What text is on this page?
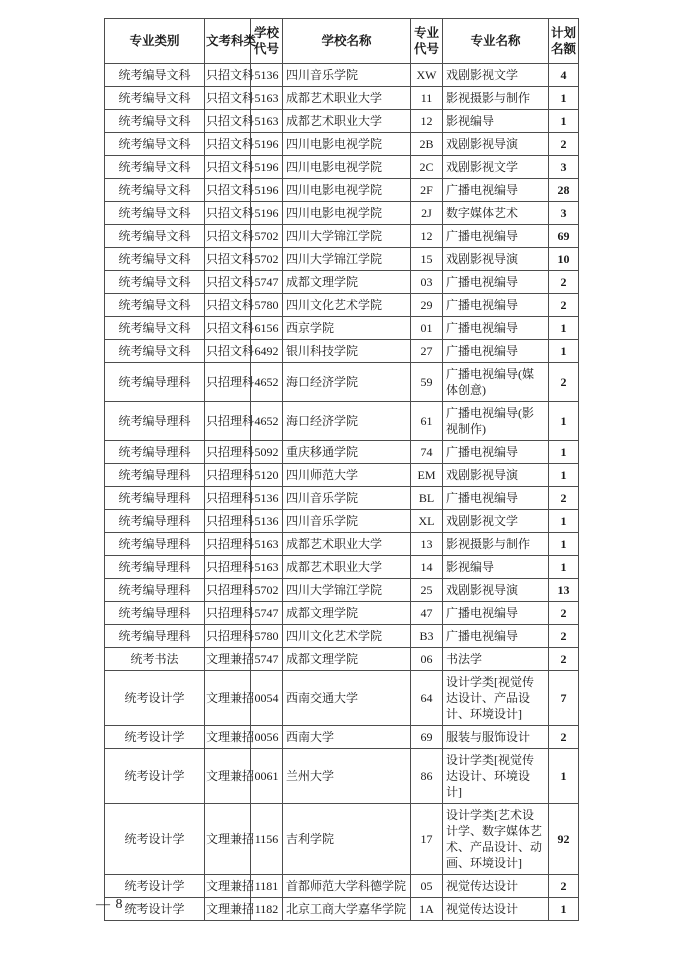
专业类别	文考科类	学校代号	学校名称	专业代号	专业名称	计划名额
统考编导文科	只招文科	5136	四川音乐学院	XW	戏剧影视文学	4
统考编导文科	只招文科	5163	成都艺术职业大学	11	影视摄影与制作	1
统考编导文科	只招文科	5163	成都艺术职业大学	12	影视编导	1
统考编导文科	只招文科	5196	四川电影电视学院	2B	戏剧影视导演	2
统考编导文科	只招文科	5196	四川电影电视学院	2C	戏剧影视文学	3
统考编导文科	只招文科	5196	四川电影电视学院	2F	广播电视编导	28
统考编导文科	只招文科	5196	四川电影电视学院	2J	数字媒体艺术	3
统考编导文科	只招文科	5702	四川大学锦江学院	12	广播电视编导	69
统考编导文科	只招文科	5702	四川大学锦江学院	15	戏剧影视导演	10
统考编导文科	只招文科	5747	成都文理学院	03	广播电视编导	2
统考编导文科	只招文科	5780	四川文化艺术学院	29	广播电视编导	2
统考编导文科	只招文科	6156	西京学院	01	广播电视编导	1
统考编导文科	只招文科	6492	银川科技学院	27	广播电视编导	1
统考编导理科	只招理科	4652	海口经济学院	59	广播电视编导(媒体创意)	2
统考编导理科	只招理科	4652	海口经济学院	61	广播电视编导(影视制作)	1
统考编导理科	只招理科	5092	重庆移通学院	74	广播电视编导	1
统考编导理科	只招理科	5120	四川师范大学	EM	戏剧影视导演	1
统考编导理科	只招理科	5136	四川音乐学院	BL	广播电视编导	2
统考编导理科	只招理科	5136	四川音乐学院	XL	戏剧影视文学	1
统考编导理科	只招理科	5163	成都艺术职业大学	13	影视摄影与制作	1
统考编导理科	只招理科	5163	成都艺术职业大学	14	影视编导	1
统考编导理科	只招理科	5702	四川大学锦江学院	25	戏剧影视导演	13
统考编导理科	只招理科	5747	成都文理学院	47	广播电视编导	2
统考编导理科	只招理科	5780	四川文化艺术学院	B3	广播电视编导	2
统考书法	文理兼招	5747	成都文理学院	06	书法学	2
统考设计学	文理兼招	0054	西南交通大学	64	设计学类[视觉传达设计、产品设计、环境设计]	7
统考设计学	文理兼招	0056	西南大学	69	服装与服饰设计	2
统考设计学	文理兼招	0061	兰州大学	86	设计学类[视觉传达设计、环境设计]	1
统考设计学	文理兼招	1156	吉利学院	17	设计学类[艺术设计学、数字媒体艺术、产品设计、动画、环境设计]	92
统考设计学	文理兼招	1181	首都师范大学科德学院	05	视觉传达设计	2
统考设计学	文理兼招	1182	北京工商大学嘉华学院	1A	视觉传达设计	1
— 8 —
